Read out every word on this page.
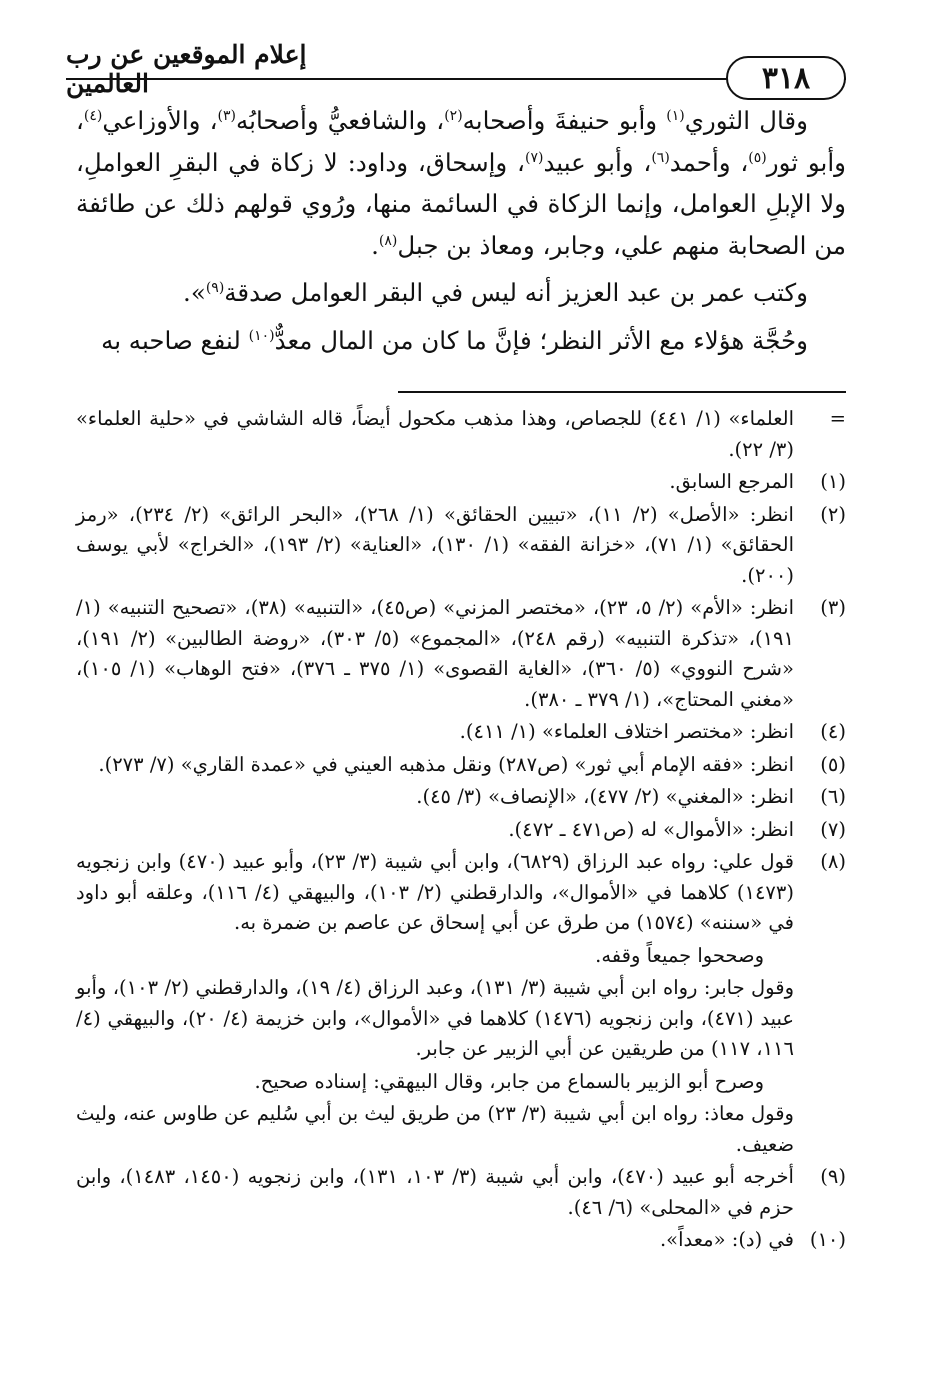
إعلام الموقعين عن رب العالمين	٣١٨

وقال الثوري$^{(١)}$ وأبو حنيفةَ وأصحابه$^{(٢)}$، والشافعيُّ وأصحابُه$^{(٣)}$، والأوزاعي$^{(٤)}$، وأبو ثور$^{(٥)}$، وأحمد$^{(٦)}$، وأبو عبيد$^{(٧)}$، وإسحاق، وداود: لا زكاة في البقرِ العواملِ، ولا الإبلِ العوامل، وإنما الزكاة في السائمة منها، ورُوي قولهم ذلك عن طائفة من الصحابة منهم علي، وجابر، ومعاذ بن جبل$^{(٨)}$.

وكتب عمر بن عبد العزيز أنه ليس في البقر العوامل صدقة$^{(٩)}$».

وحُجَّة هؤلاء مع الأثر النظر؛ فإنَّ ما كان من المال معدٌّ$^{(١٠)}$ لنفع صاحبه به

=
العلماء» (١/ ٤٤١) للجصاص، وهذا مذهب مكحول أيضاً، قاله الشاشي في «حلية العلماء» (٣/ ٢٢).
(١)
المرجع السابق.
(٢)
انظر: «الأصل» (٢/ ١١)، «تبيين الحقائق» (١/ ٢٦٨)، «البحر الرائق» (٢/ ٢٣٤)، «رمز الحقائق» (١/ ٧١)، «خزانة الفقه» (١/ ١٣٠)، «العناية» (٢/ ١٩٣)، «الخراج» لأبي يوسف (٢٠٠).
(٣)
انظر: «الأم» (٢/ ٥، ٢٣)، «مختصر المزني» (ص٤٥)، «التنبيه» (٣٨)، «تصحيح التنبيه» (١/ ١٩١)، «تذكرة التنبيه» (رقم ٢٤٨)، «المجموع» (٥/ ٣٠٣)، «روضة الطالبين» (٢/ ١٩١)، «شرح النووي» (٥/ ٣٦٠)، «الغاية القصوى» (١/ ٣٧٥ ـ ٣٧٦)، «فتح الوهاب» (١/ ١٠٥)، «مغني المحتاج»، (١/ ٣٧٩ ـ ٣٨٠).
(٤)
انظر: «مختصر اختلاف العلماء» (١/ ٤١١).
(٥)
انظر: «فقه الإمام أبي ثور» (ص٢٨٧) ونقل مذهبه العيني في «عمدة القاري» (٧/ ٢٧٣).
(٦)
انظر: «المغني» (٢/ ٤٧٧)، «الإنصاف» (٣/ ٤٥).
(٧)
انظر: «الأموال» له (ص٤٧١ ـ ٤٧٢).
(٨)
قول علي: رواه عبد الرزاق (٦٨٢٩)، وابن أبي شيبة (٣/ ٢٣)، وأبو عبيد (٤٧٠) وابن زنجويه (١٤٧٣) كلاهما في «الأموال»، والدارقطني (٢/ ١٠٣)، والبيهقي (٤/ ١١٦)، وعلقه أبو داود في «سننه» (١٥٧٤) من طرق عن أبي إسحاق عن عاصم بن ضمرة به.
وصححوا جميعاً وقفه.
وقول جابر: رواه ابن أبي شيبة (٣/ ١٣١)، وعبد الرزاق (٤/ ١٩)، والدارقطني (٢/ ١٠٣)، وأبو عبيد (٤٧١)، وابن زنجويه (١٤٧٦) كلاهما في «الأموال»، وابن خزيمة (٤/ ٢٠)، والبيهقي (٤/ ١١٦، ١١٧) من طريقين عن أبي الزبير عن جابر.
وصرح أبو الزبير بالسماع من جابر، وقال البيهقي: إسناده صحيح.
وقول معاذ: رواه ابن أبي شيبة (٣/ ٢٣) من طريق ليث بن أبي سُليم عن طاوس عنه، وليث ضعيف.
(٩)
أخرجه أبو عبيد (٤٧٠)، وابن أبي شيبة (٣/ ١٠٣، ١٣١)، وابن زنجويه (١٤٥٠، ١٤٨٣)، وابن حزم في «المحلى» (٦/ ٤٦).
(١٠)
في (د): «معداً».
